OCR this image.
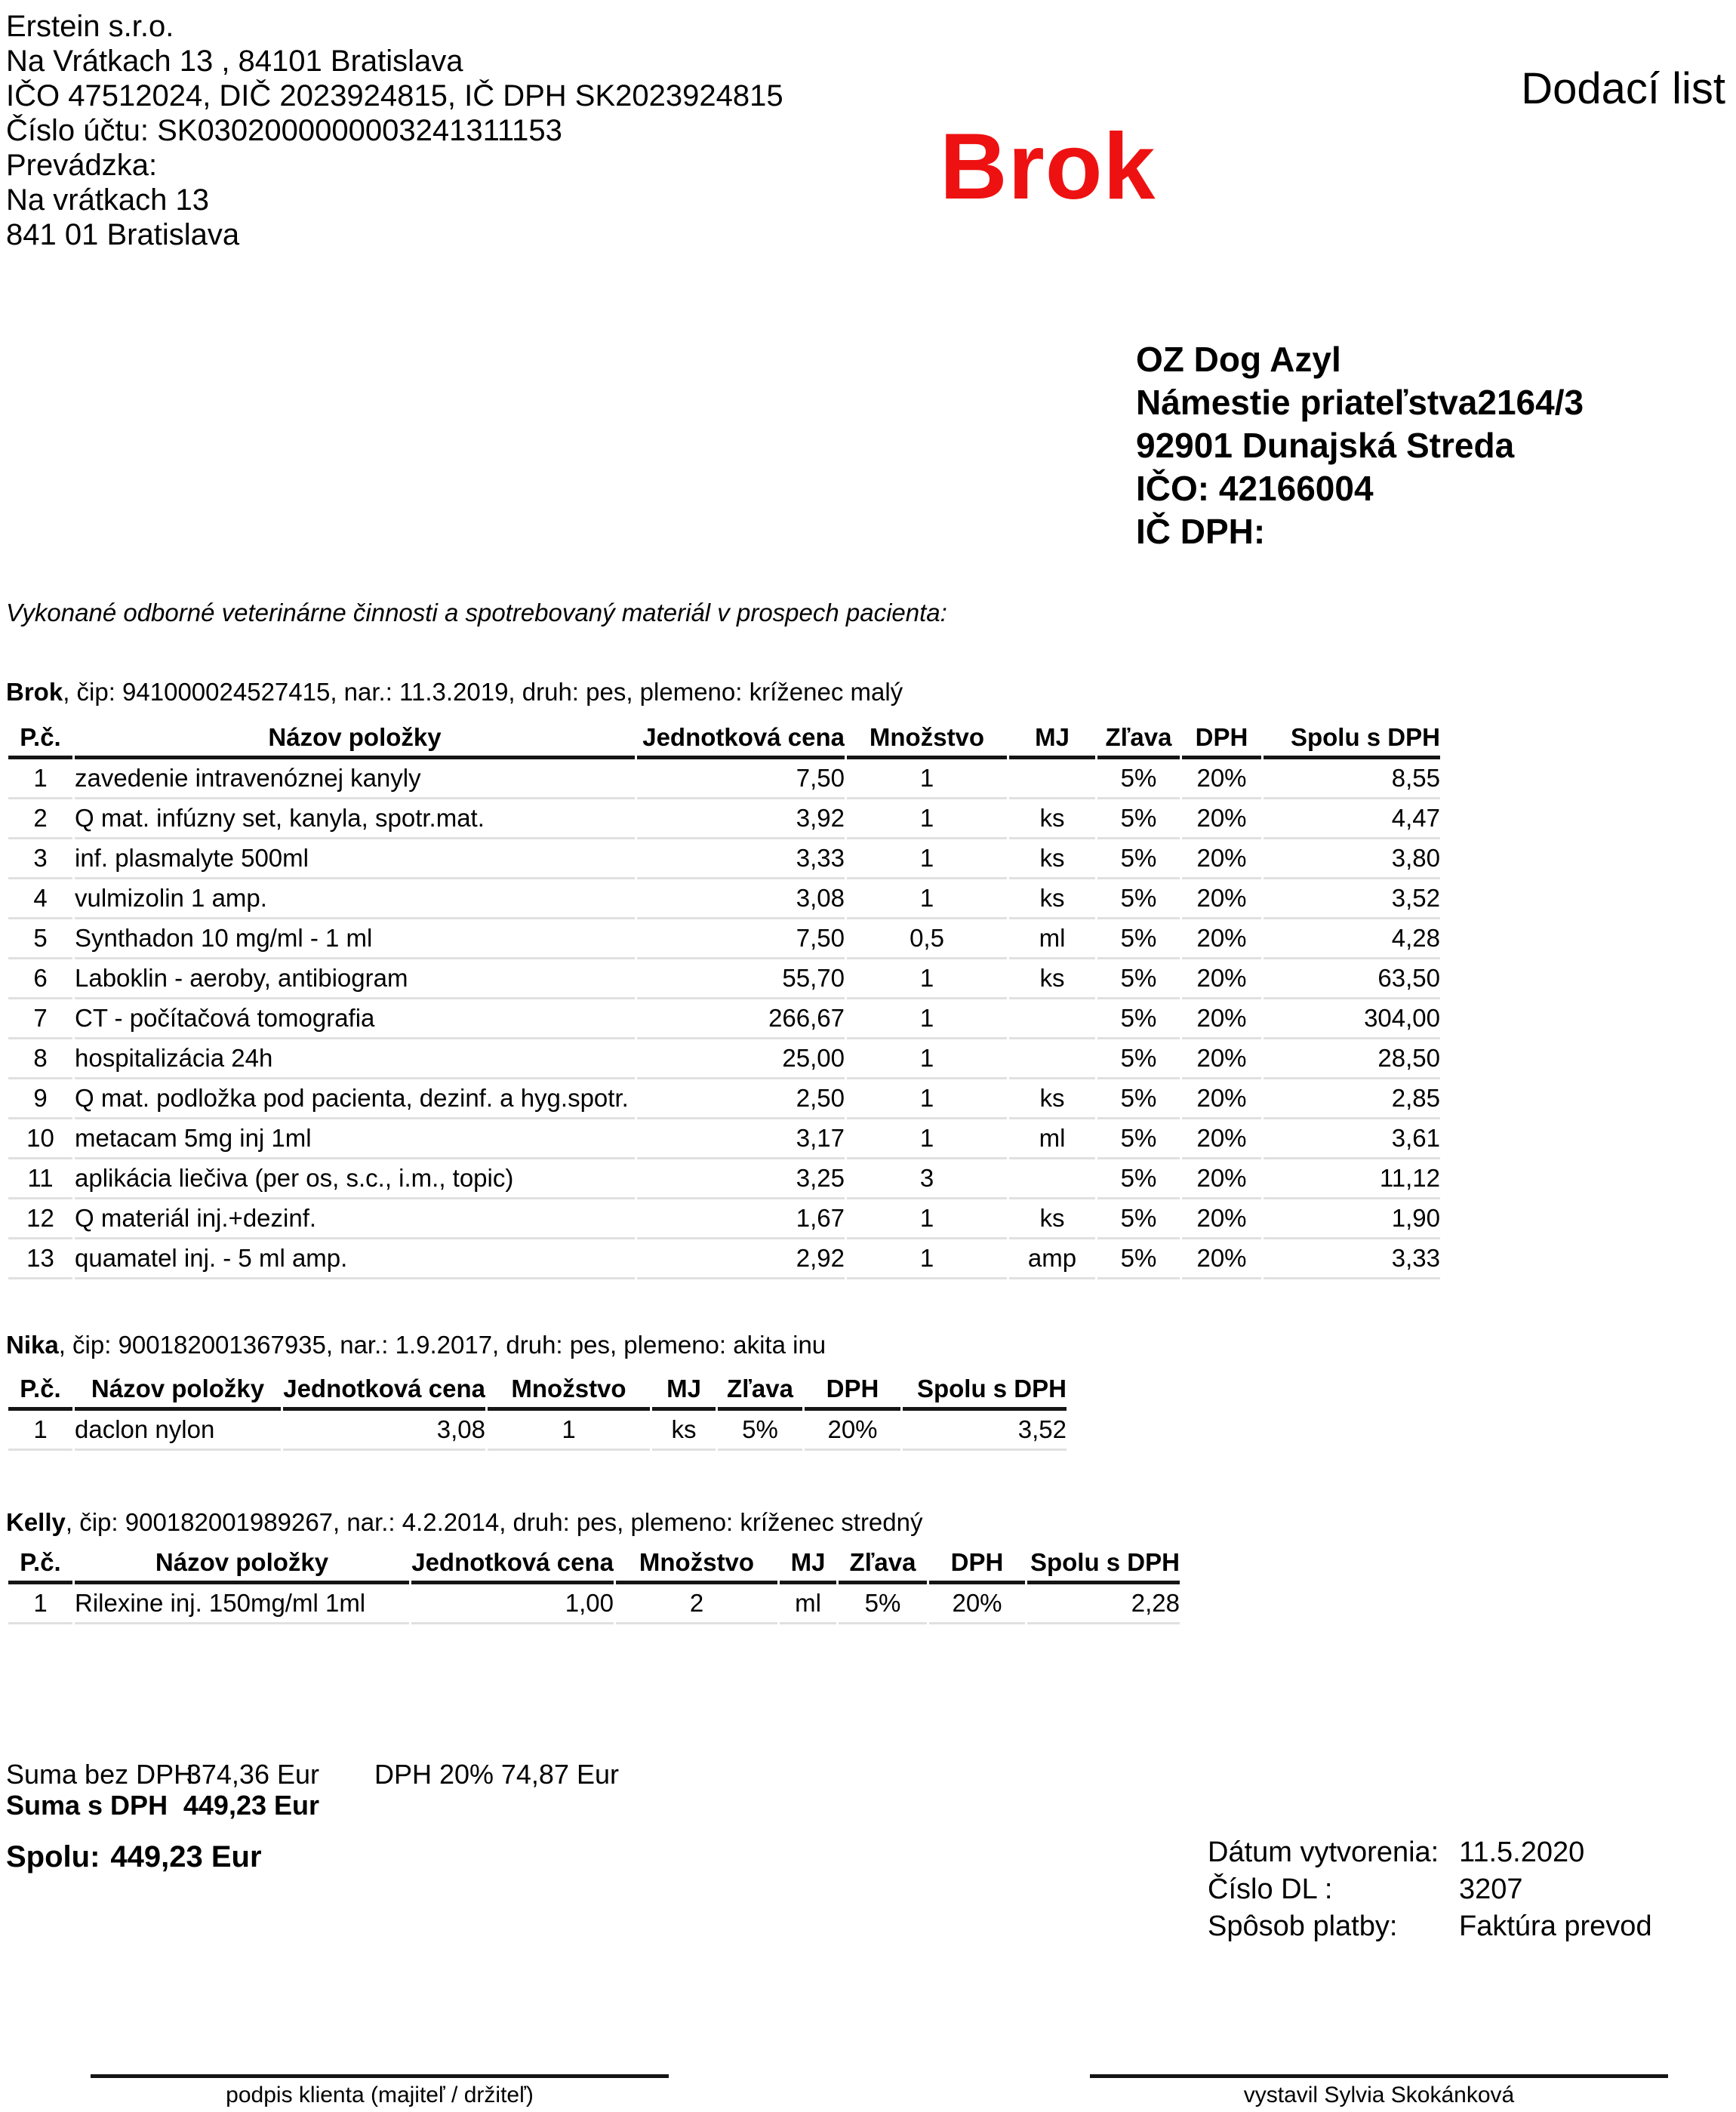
Erstein s.r.o.
Na Vrátkach 13 , 84101 Bratislava
IČO 47512024, DIČ 2023924815, IČ DPH SK2023924815
Číslo účtu: SK0302000000003241311153
Prevádzka:
Na vrátkach 13
841 01 Bratislava
Dodací list
Brok
OZ Dog Azyl
Námestie priateľstva2164/3
92901 Dunajská Streda
IČO: 42166004
IČ DPH:
Vykonané odborné veterinárne činnosti a spotrebovaný materiál v prospech pacienta:
Brok, čip: 941000024527415, nar.: 11.3.2019, druh: pes, plemeno: kríženec malý
P.č.	Názov položky	Jednotková cena	Množstvo	MJ	Zľava	DPH	Spolu s DPH
1	zavedenie intravenóznej kanyly	7,50	1		5%	20%	8,55
2	Q mat. infúzny set, kanyla, spotr.mat.	3,92	1	ks	5%	20%	4,47
3	inf. plasmalyte 500ml	3,33	1	ks	5%	20%	3,80
4	vulmizolin 1 amp.	3,08	1	ks	5%	20%	3,52
5	Synthadon 10 mg/ml - 1 ml	7,50	0,5	ml	5%	20%	4,28
6	Laboklin - aeroby, antibiogram	55,70	1	ks	5%	20%	63,50
7	CT - počítačová tomografia	266,67	1		5%	20%	304,00
8	hospitalizácia 24h	25,00	1		5%	20%	28,50
9	Q mat. podložka pod pacienta, dezinf. a hyg.spotr.	2,50	1	ks	5%	20%	2,85
10	metacam 5mg inj 1ml	3,17	1	ml	5%	20%	3,61
11	aplikácia liečiva (per os, s.c., i.m., topic)	3,25	3		5%	20%	11,12
12	Q materiál inj.+dezinf.	1,67	1	ks	5%	20%	1,90
13	quamatel inj. - 5 ml amp.	2,92	1	amp	5%	20%	3,33
Nika, čip: 900182001367935, nar.: 1.9.2017, druh: pes, plemeno: akita inu
P.č.	Názov položky	Jednotková cena	Množstvo	MJ	Zľava	DPH	Spolu s DPH
1	daclon nylon	3,08	1	ks	5%	20%	3,52
Kelly, čip: 900182001989267, nar.: 4.2.2014, druh: pes, plemeno: kríženec stredný
P.č.	Názov položky	Jednotková cena	Množstvo	MJ	Zľava	DPH	Spolu s DPH
1	Rilexine inj. 150mg/ml 1ml	1,00	2	ml	5%	20%	2,28
Suma bez DPH
374,36 Eur DPH 20% 74,87 Eur
Suma s DPH 449,23 Eur
Spolu: 449,23 Eur	Dátum vytvorenia: 11.5.2020
Číslo DL :	3207
Spôsob platby:	Faktúra prevod
podpis klienta (majiteľ / držiteľ)	vystavil Sylvia Skokánková
